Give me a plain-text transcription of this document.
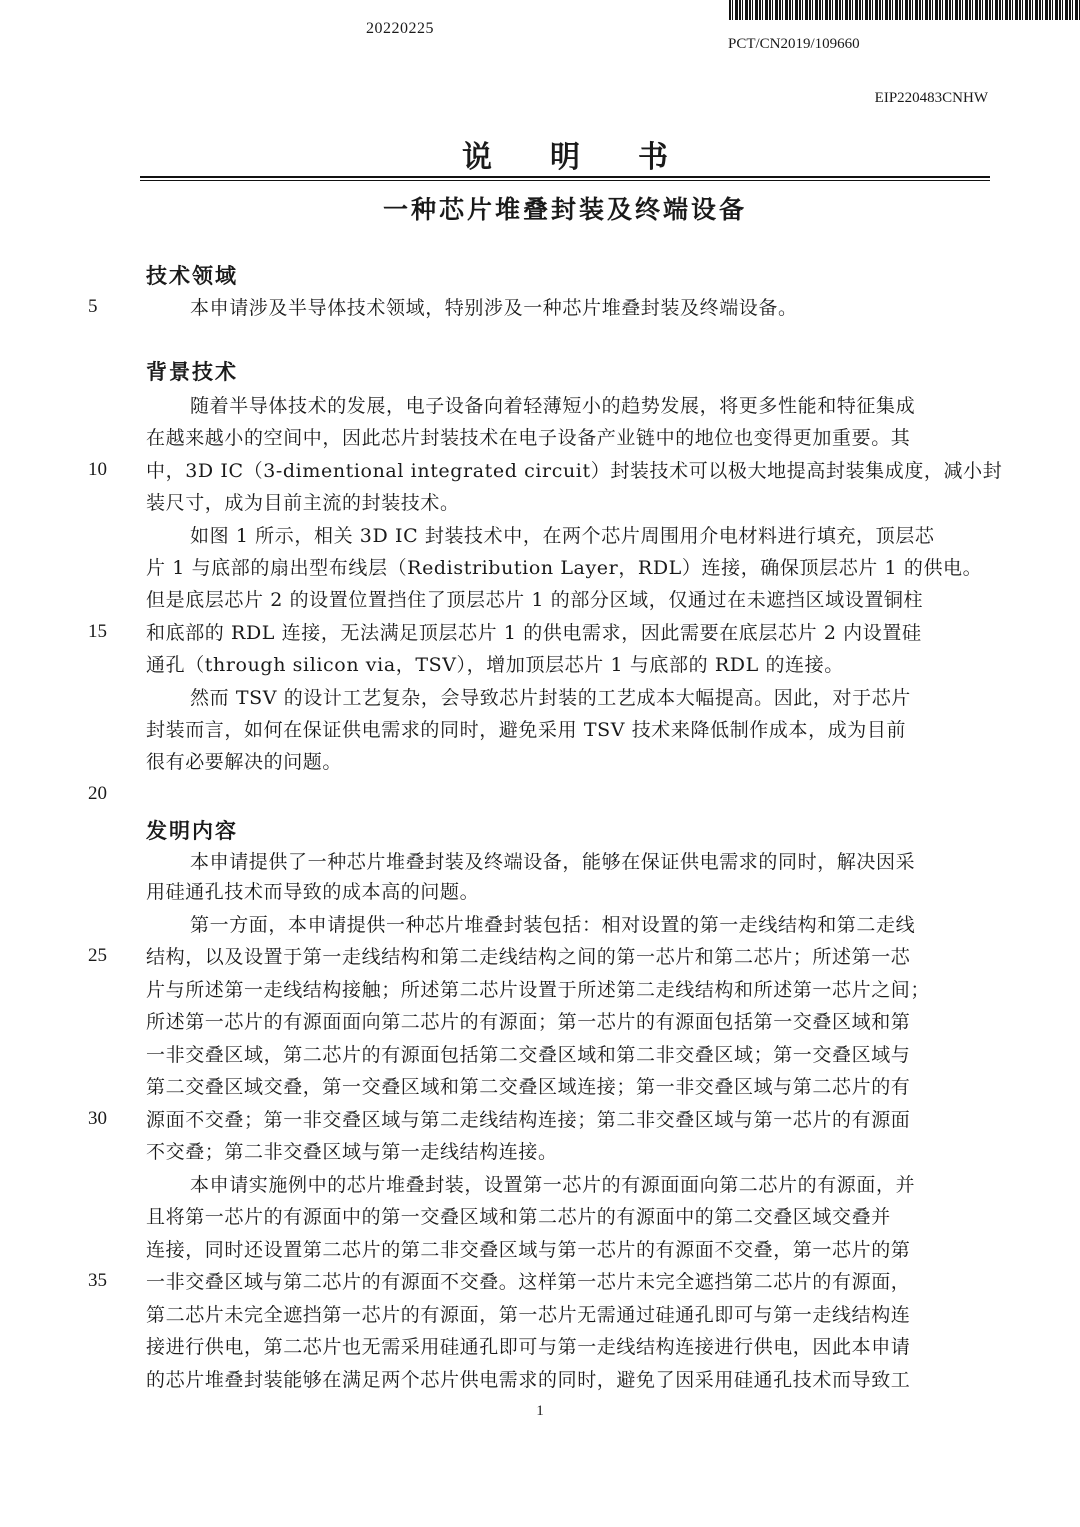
20220225
PCT/CN2019/109660
EIP220483CNHW
说明书
一种芯片堆叠封装及终端设备
5
10
15
20
25
30
35
技术领域
本申请涉及半导体技术领域，特别涉及一种芯片堆叠封装及终端设备。
背景技术
随着半导体技术的发展，电子设备向着轻薄短小的趋势发展，将更多性能和特征集成
在越来越小的空间中，因此芯片封装技术在电子设备产业链中的地位也变得更加重要。其
中，3D IC（3-dimentional integrated circuit）封装技术可以极大地提高封装集成度，减小封
装尺寸，成为目前主流的封装技术。
如图 1 所示，相关 3D IC 封装技术中，在两个芯片周围用介电材料进行填充，顶层芯
片 1 与底部的扇出型布线层（Redistribution Layer，RDL）连接，确保顶层芯片 1 的供电。
但是底层芯片 2 的设置位置挡住了顶层芯片 1 的部分区域，仅通过在未遮挡区域设置铜柱
和底部的 RDL 连接，无法满足顶层芯片 1 的供电需求，因此需要在底层芯片 2 内设置硅
通孔（through silicon via，TSV），增加顶层芯片 1 与底部的 RDL 的连接。
然而 TSV 的设计工艺复杂，会导致芯片封装的工艺成本大幅提高。因此，对于芯片
封装而言，如何在保证供电需求的同时，避免采用 TSV 技术来降低制作成本，成为目前
很有必要解决的问题。
发明内容
本申请提供了一种芯片堆叠封装及终端设备，能够在保证供电需求的同时，解决因采
用硅通孔技术而导致的成本高的问题。
第一方面，本申请提供一种芯片堆叠封装包括：相对设置的第一走线结构和第二走线
结构，以及设置于第一走线结构和第二走线结构之间的第一芯片和第二芯片；所述第一芯
片与所述第一走线结构接触；所述第二芯片设置于所述第二走线结构和所述第一芯片之间；
所述第一芯片的有源面面向第二芯片的有源面；第一芯片的有源面包括第一交叠区域和第
一非交叠区域，第二芯片的有源面包括第二交叠区域和第二非交叠区域；第一交叠区域与
第二交叠区域交叠，第一交叠区域和第二交叠区域连接；第一非交叠区域与第二芯片的有
源面不交叠；第一非交叠区域与第二走线结构连接；第二非交叠区域与第一芯片的有源面
不交叠；第二非交叠区域与第一走线结构连接。
本申请实施例中的芯片堆叠封装，设置第一芯片的有源面面向第二芯片的有源面，并
且将第一芯片的有源面中的第一交叠区域和第二芯片的有源面中的第二交叠区域交叠并
连接，同时还设置第二芯片的第二非交叠区域与第一芯片的有源面不交叠，第一芯片的第
一非交叠区域与第二芯片的有源面不交叠。这样第一芯片未完全遮挡第二芯片的有源面，
第二芯片未完全遮挡第一芯片的有源面，第一芯片无需通过硅通孔即可与第一走线结构连
接进行供电，第二芯片也无需采用硅通孔即可与第一走线结构连接进行供电，因此本申请
的芯片堆叠封装能够在满足两个芯片供电需求的同时，避免了因采用硅通孔技术而导致工
1
